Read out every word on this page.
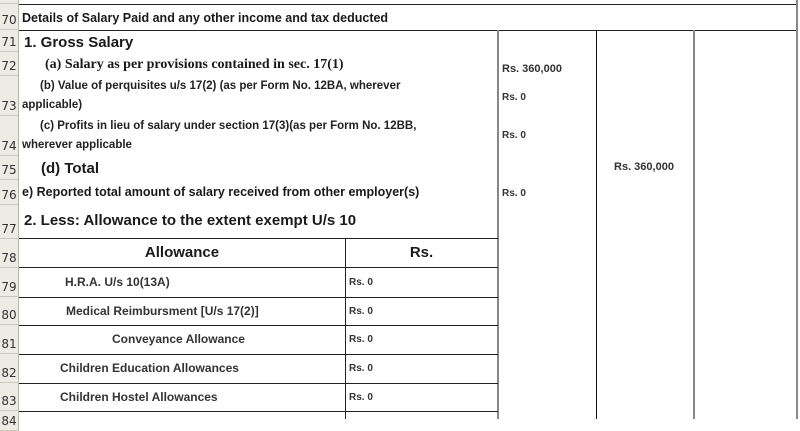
70
71
72
73
74
75
76
77
78
79
80
81
82
83
84
Details of Salary Paid and any other income and tax deducted
1. Gross Salary
(a) Salary as per provisions contained in sec. 17(1)	Rs. 360,000
(b) Value of perquisites u/s 17(2) (as per Form No. 12BA, wherever
applicable)
Rs. 0
(c) Profits in lieu of salary under section 17(3)(as per Form No. 12BB,
wherever applicable
Rs. 0
(d) Total	Rs. 360,000
e) Reported total amount of salary received from other employer(s)	Rs. 0
2. Less: Allowance to the extent exempt U/s 10
Allowance	Rs.
H.R.A. U/s 10(13A)	Rs. 0
Medical Reimbursment [U/s 17(2)]	Rs. 0
Conveyance Allowance	Rs. 0
Children Education Allowances	Rs. 0
Children Hostel Allowances	Rs. 0
